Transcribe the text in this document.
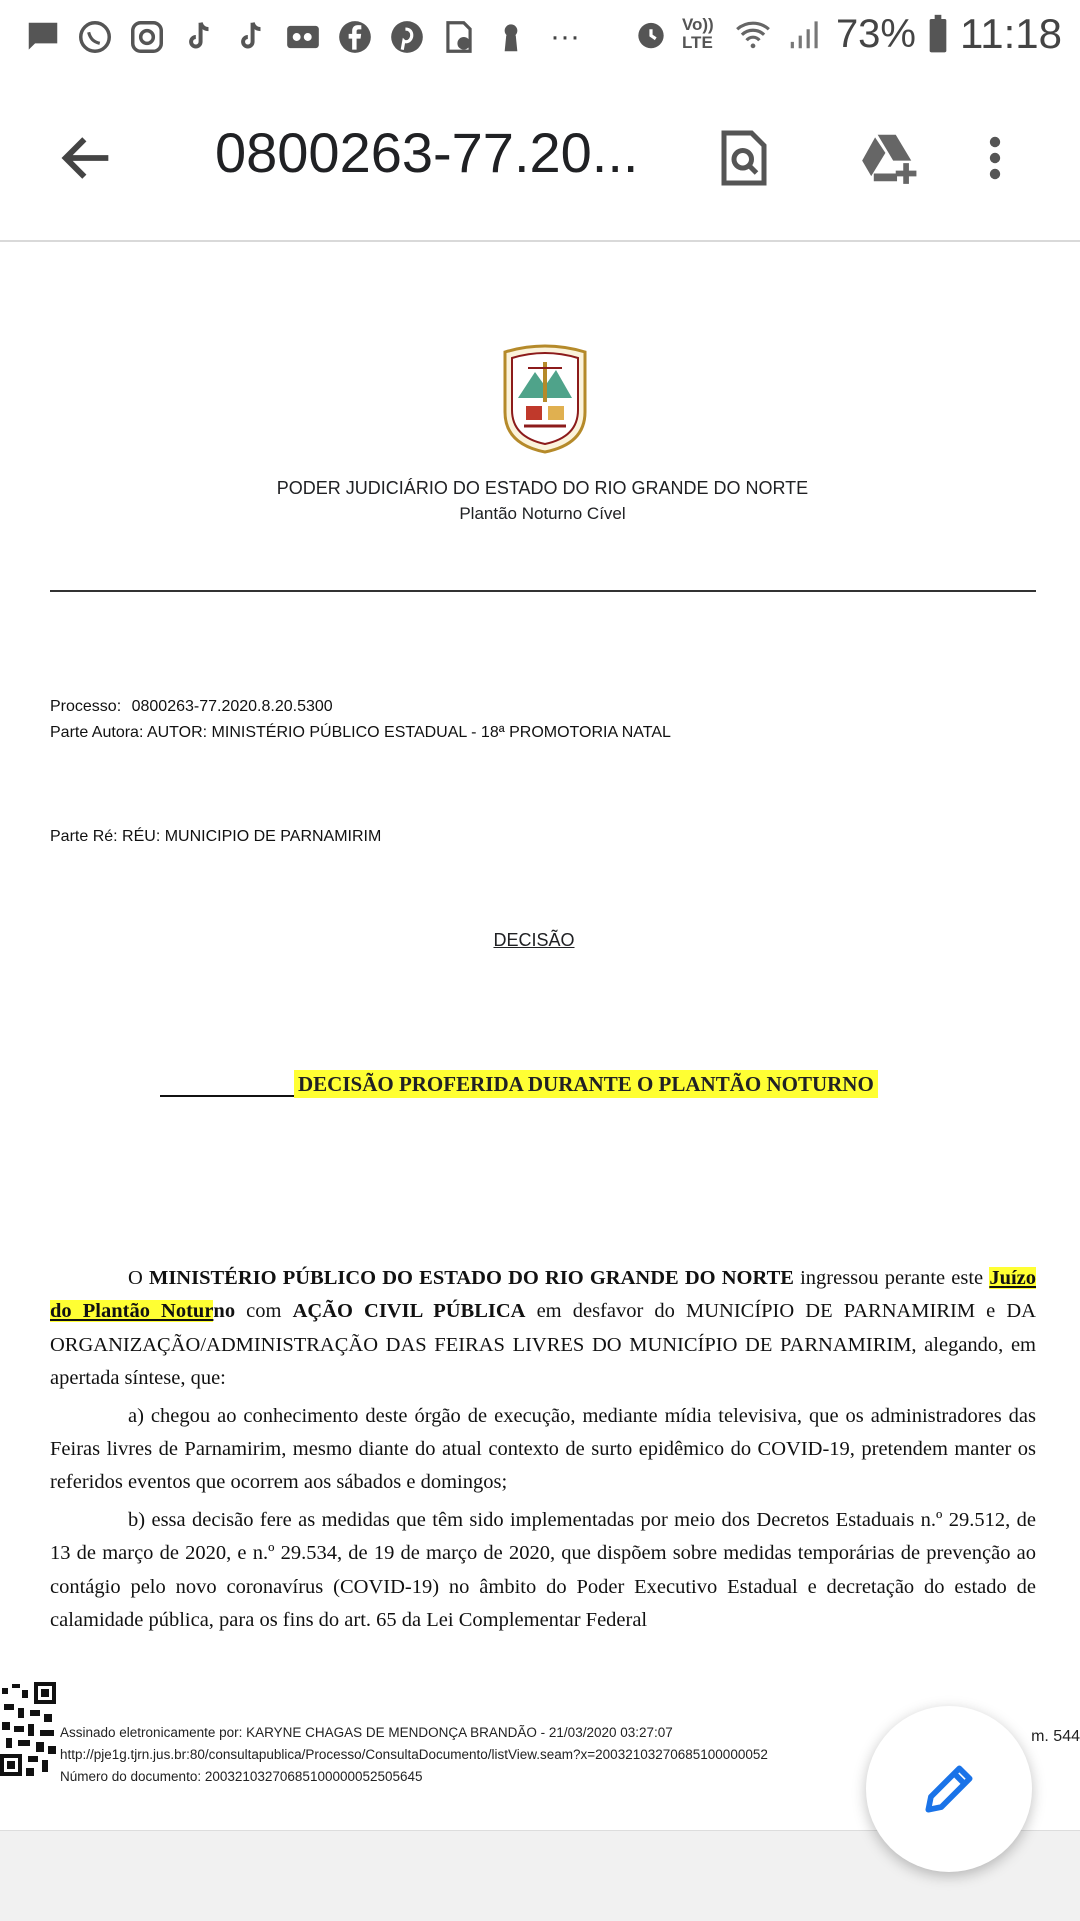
···	Vo)) LTE	73% 11:18
0800263-77.20...
PODER JUDICIÁRIO DO ESTADO DO RIO GRANDE DO NORTE
Plantão Noturno Cível
Processo: 0800263-77.2020.8.20.5300
Parte Autora: AUTOR: MINISTÉRIO PÚBLICO ESTADUAL - 18ª PROMOTORIA NATAL
Parte Ré: RÉU: MUNICIPIO DE PARNAMIRIM
DECISÃO
DECISÃO PROFERIDA DURANTE O PLANTÃO NOTURNO

O MINISTÉRIO PÚBLICO DO ESTADO DO RIO GRANDE DO NORTE ingressou perante este Juízo do Plantão Noturno com AÇÃO CIVIL PÚBLICA em desfavor do MUNICÍPIO DE PARNAMIRIM e DA ORGANIZAÇÃO/ADMINISTRAÇÃO DAS FEIRAS LIVRES DO MUNICÍPIO DE PARNAMIRIM, alegando, em apertada síntese, que:

a) chegou ao conhecimento deste órgão de execução, mediante mídia televisiva, que os administradores das Feiras livres de Parnamirim, mesmo diante do atual contexto de surto epidêmico do COVID-19, pretendem manter os referidos eventos que ocorrem aos sábados e domingos;

b) essa decisão fere as medidas que têm sido implementadas por meio dos Decretos Estaduais n.º 29.512, de 13 de março de 2020, e n.º 29.534, de 19 de março de 2020, que dispõem sobre medidas temporárias de prevenção ao contágio pelo novo coronavírus (COVID-19) no âmbito do Poder Executivo Estadual e decretação do estado de calamidade pública, para os fins do art. 65 da Lei Complementar Federal

Assinado eletronicamente por: KARYNE CHAGAS DE MENDONÇA BRANDÃO - 21/03/2020 03:27:07
http://pje1g.tjrn.jus.br:80/consultapublica/Processo/ConsultaDocumento/listView.seam?x=20032103270685100000052
Número do documento: 20032103270685100000052505645
m. 544
